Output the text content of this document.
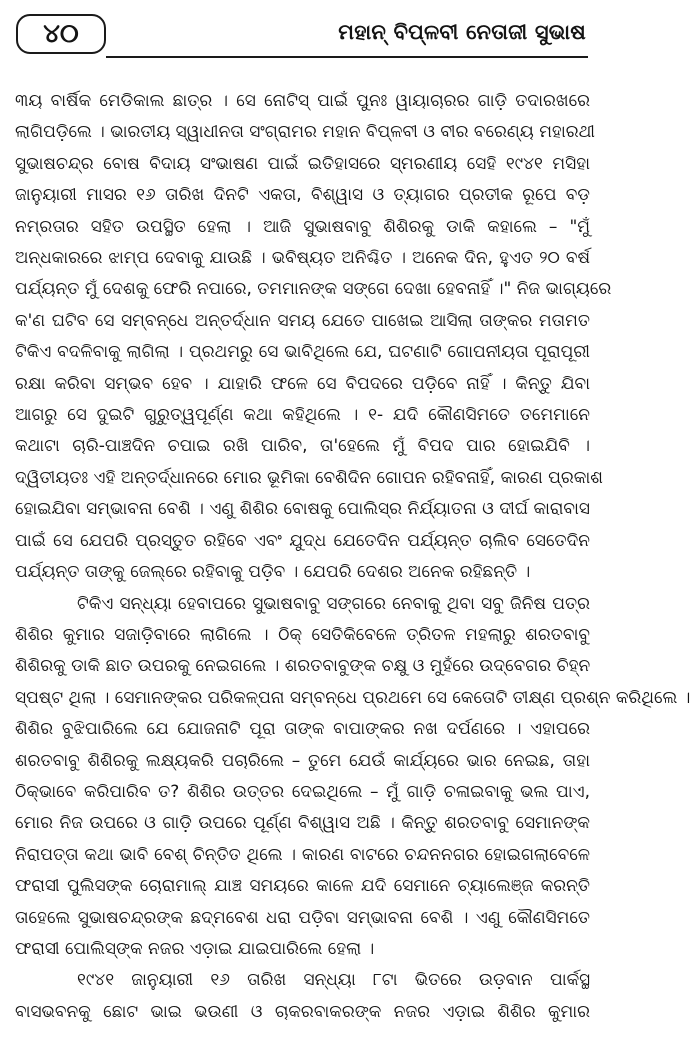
୪୦	ମହାନ୍ ବିପ୍ଳବୀ ନେତାଜୀ ସୁଭାଷ
୩ୟ ବାର୍ଷିକ ମେଡିକାଲ ଛାତ୍ର । ସେ ନୋଟିସ୍ ପାଇଁ ପୁନଃ ୱାୟାଚାରର ଗାଡ଼ି ତଦାରଖରେ
ଲାଗିପଡ଼ିଲେ । ଭାରତୀୟ ସ୍ୱାଧୀନତା ସଂଗ୍ରାମର ମହାନ ବିପ୍ଳବୀ ଓ ବୀର ବରେଣ୍ୟ ମହାରଥୀ
ସୁଭାଷଚନ୍ଦ୍ର ବୋଷ ବିଦାୟ ସଂଭାଷଣ ପାଇଁ ଇତିହାସରେ ସ୍ମରଣୀୟ ସେହି ୧୯୪୧ ମସିହା
ଜାନୁୟାରୀ ମାସର ୧୬ ତାରିଖ ଦିନଟି ଏକତା, ବିଶ୍ୱାସ ଓ ତ୍ୟାଗର ପ୍ରତୀକ ରୂପେ ବଡ଼
ନମ୍ରତାର ସହିତ ଉପସ୍ଥିତ ହେଲା । ଆଜି ସୁଭାଷବାବୁ ଶିଶିରକୁ ଡାକି କହାଲେ – "ମୁଁ
ଅନ୍ଧକାରରେ ଝାମ୍ପ ଦେବାକୁ ଯାଉଛି । ଭବିଷ୍ୟତ ଅନିଶ୍ଚିତ । ଅନେକ ଦିନ, ହୁଏତ ୨୦ ବର୍ଷ
ପର୍ଯ୍ୟନ୍ତ ମୁଁ ଦେଶକୁ ଫେରି ନପାରେ, ତମମାନଙ୍କ ସଙ୍ଗେ ଦେଖା ହେବନାହିଁ ।" ନିଜ ଭାଗ୍ୟରେ
କ'ଣ ଘଟିବ ସେ ସମ୍ବନ୍ଧେ ଅନ୍ତର୍ଦ୍ଧାନ ସମୟ ଯେତେ ପାଖେଇ ଆସିଲା ତାଙ୍କର ମତାମତ
ଟିକିଏ ବଦଳିବାକୁ ଲାଗିଲା । ପ୍ରଥମରୁ ସେ ଭାବିଥିଲେ ଯେ, ଘଟଣାଟି ଗୋପନୀୟତା ପୂରାପୂରୀ
ରକ୍ଷା କରିବା ସମ୍ଭବ ହେବ । ଯାହାରି ଫଳେ ସେ ବିପଦରେ ପଡ଼ିବେ ନାହିଁ । କିନ୍ତୁ ଯିବା
ଆଗରୁ ସେ ଦୁଇଟି ଗୁରୁତ୍ୱପୂର୍ଣ୍ଣ କଥା କହିଥିଲେ । ୧- ଯଦି କୌଣସିମତେ ତମେମାନେ
କଥାଟା ଚାରି-ପାଞ୍ଚଦିନ ଚପାଇ ରଖି ପାରିବ, ତା'ହେଲେ ମୁଁ ବିପଦ ପାର ହୋଇଯିବି ।
ଦ୍ୱିତୀୟତଃ ଏହି ଅନ୍ତର୍ଦ୍ଧାନରେ ମୋର ଭୂମିକା ବେଶିଦିନ ଗୋପନ ରହିବନାହିଁ, କାରଣ ପ୍ରକାଶ
ହୋଇଯିବା ସମ୍ଭାବନା ବେଶି । ଏଣୁ ଶିଶିର ବୋଷକୁ ପୋଲିସ୍‌ର ନିର୍ଯ୍ୟାତନା ଓ ଦୀର୍ଘ କାରାବାସ
ପାଇଁ ସେ ଯେପରି ପ୍ରସ୍ତୁତ ରହିବେ ଏବଂ ଯୁଦ୍ଧ ଯେତେଦିନ ପର୍ଯ୍ୟନ୍ତ ଚାଲିବ ସେତେଦିନ
ପର୍ଯ୍ୟନ୍ତ ତାଙ୍କୁ ଜେଲ୍‌ରେ ରହିବାକୁ ପଡ଼ିବ । ଯେପରି ଦେଶର ଅନେକ ରହିଛନ୍ତି ।
ଟିକିଏ ସନ୍ଧ୍ୟା ହେବାପରେ ସୁଭାଷବାବୁ ସଙ୍ଗରେ ନେବାକୁ ଥିବା ସବୁ ଜିନିଷ ପତ୍ର
ଶିଶିର କୁମାର ସଜାଡ଼ିବାରେ ଲାଗିଲେ । ଠିକ୍ ସେତିକିବେଳେ ତ୍ରିତଳ ମହଲାରୁ ଶରତବାବୁ
ଶିଶିରକୁ ଡାକି ଛାତ ଉପରକୁ ନେଇଗଲେ । ଶରତବାବୁଙ୍କ ଚକ୍ଷୁ ଓ ମୁହଁରେ ଉଦ୍‌ବେଗର ଚିହ୍ନ
ସ୍ପଷ୍ଟ ଥିଲା । ସେମାନଙ୍କର ପରିକଳ୍ପନା ସମ୍ବନ୍ଧେ ପ୍ରଥମେ ସେ କେତୋଟି ତୀକ୍ଷ୍ଣ ପ୍ରଶ୍ନ କରିଥିଲେ ।
ଶିଶିର ବୁଝିପାରିଲେ ଯେ ଯୋଜନାଟି ପୂରା ତାଙ୍କ ବାପାଙ୍କର ନଖ ଦର୍ପଣରେ । ଏହାପରେ
ଶରତବାବୁ ଶିଶିରକୁ ଲକ୍ଷ୍ୟକରି ପଚାରିଲେ – ତୁମେ ଯେଉଁ କାର୍ଯ୍ୟରେ ଭାର ନେଇଛ, ତାହା
ଠିକ୍‌ଭାବେ କରିପାରିବ ତ? ଶିଶିର ଉତ୍ତର ଦେଇଥିଲେ – ମୁଁ ଗାଡ଼ି ଚଳାଇବାକୁ ଭଲ ପାଏ,
ମୋର ନିଜ ଉପରେ ଓ ଗାଡ଼ି ଉପରେ ପୂର୍ଣ୍ଣ ବିଶ୍ୱାସ ଅଛି । କିନ୍ତୁ ଶରତବାବୁ ସେମାନଙ୍କ
ନିରାପତ୍ତା କଥା ଭାବି ବେଶ୍ ଚିନ୍ତିତ ଥିଲେ । କାରଣ ବାଟରେ ଚନ୍ଦନନଗର ହୋଇଗଲାବେଳେ
ଫରାସୀ ପୁଲିସଙ୍କ ଚୋରାମାଲ୍ ଯାଞ୍ଚ ସମୟରେ କାଳେ ଯଦି ସେମାନେ ଚ୍ୟାଲେଞ୍ଜ କରନ୍ତି
ତାହେଲେ ସୁଭାଷଚନ୍ଦ୍ରଙ୍କ ଛଦ୍ମବେଶ ଧରା ପଡ଼ିବା ସମ୍ଭାବନା ବେଶି । ଏଣୁ କୌଣସିମତେ
ଫରାସୀ ପୋଲିସ୍‌ଙ୍କ ନଜର ଏଡ଼ାଇ ଯାଇପାରିଲେ ହେଲା ।
୧୯୪୧ ଜାନୁୟାରୀ ୧୬ ତାରିଖ ସନ୍ଧ୍ୟା ୮ଟା ଭିତରେ ଉଡ଼ବାନ ପାର୍କସ୍ଥ
ବାସଭବନକୁ ଛୋଟ ଭାଇ ଭଉଣୀ ଓ ଚାକରବାକରଙ୍କ ନଜର ଏଡ଼ାଇ ଶିଶିର କୁମାର
